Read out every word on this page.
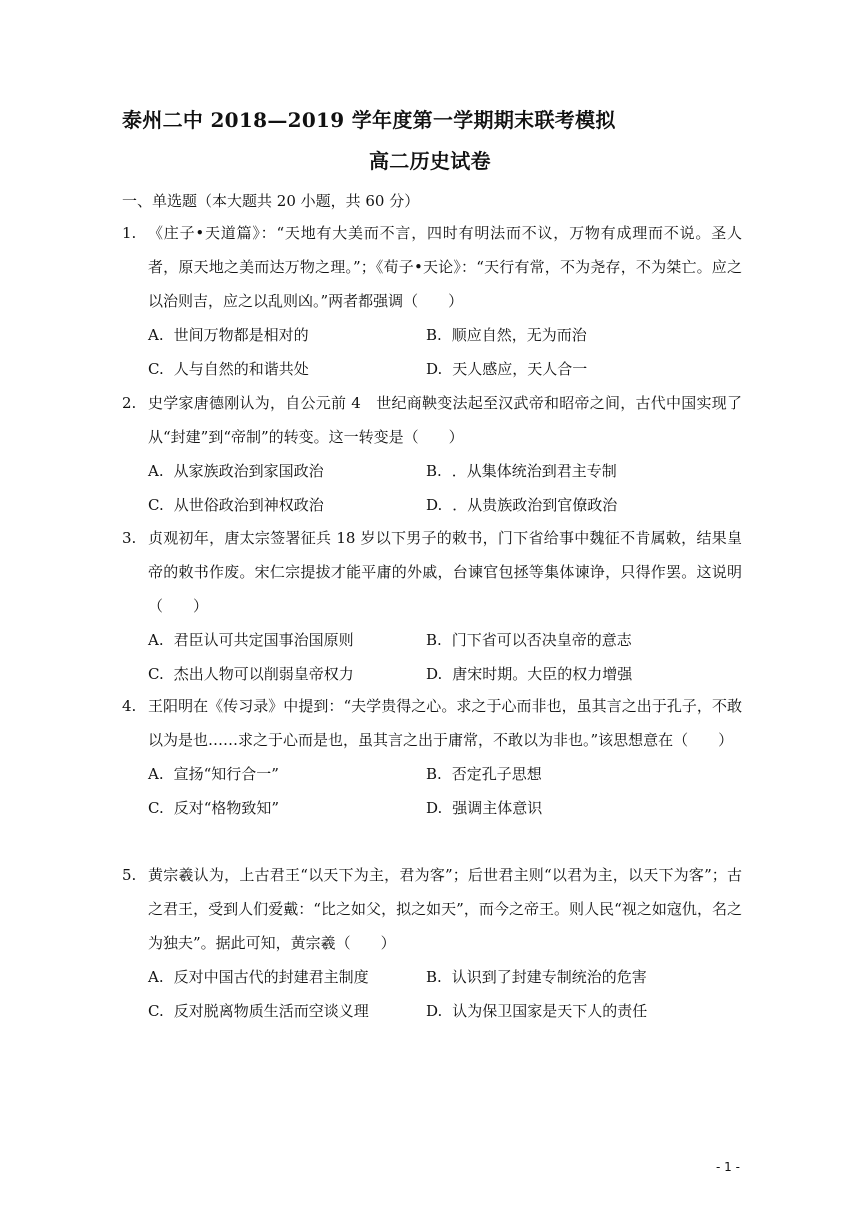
泰州二中 2018—2019 学年度第一学期期末联考模拟
高二历史试卷
一、单选题（本大题共 20 小题，共 60 分）
1. 《庄子•天道篇》：“天地有大美而不言，四时有明法而不议，万物有成理而不说。圣人者，原天地之美而达万物之理。”；《荀子•天论》：“天行有常，不为尧存，不为桀亡。应之以治则吉，应之以乱则凶。”两者都强调（　　）
A. 世间万物都是相对的	B. 顺应自然，无为而治
C. 人与自然的和谐共处	D. 天人感应，天人合一
2. 史学家唐德刚认为，自公元前 4　世纪商鞅变法起至汉武帝和昭帝之间，古代中国实现了从“封建”到“帝制”的转变。这一转变是（　　）
A. 从家族政治到家国政治	B. ．从集体统治到君主专制
C. 从世俗政治到神权政治	D. ．从贵族政治到官僚政治
3. 贞观初年，唐太宗签署征兵 18 岁以下男子的敕书，门下省给事中魏征不肯属敕，结果皇帝的敕书作废。宋仁宗提拔才能平庸的外戚，台谏官包拯等集体谏诤，只得作罢。这说明（　　）
A. 君臣认可共定国事治国原则	B. 门下省可以否决皇帝的意志
C. 杰出人物可以削弱皇帝权力	D. 唐宋时期。大臣的权力增强
4. 王阳明在《传习录》中提到：“夫学贵得之心。求之于心而非也，虽其言之出于孔子，不敢以为是也……求之于心而是也，虽其言之出于庸常，不敢以为非也。”该思想意在（　　）
A. 宣扬“知行合一”	B. 否定孔子思想
C. 反对“格物致知”	D. 强调主体意识
5. 黄宗羲认为，上古君王“以天下为主，君为客”；后世君主则“以君为主，以天下为客”；古之君王，受到人们爱戴：“比之如父，拟之如天”，而今之帝王。则人民“视之如寇仇，名之为独夫”。据此可知，黄宗羲（　　）
A. 反对中国古代的封建君主制度	B. 认识到了封建专制统治的危害
C. 反对脱离物质生活而空谈义理	D. 认为保卫国家是天下人的责任
- 1 -
